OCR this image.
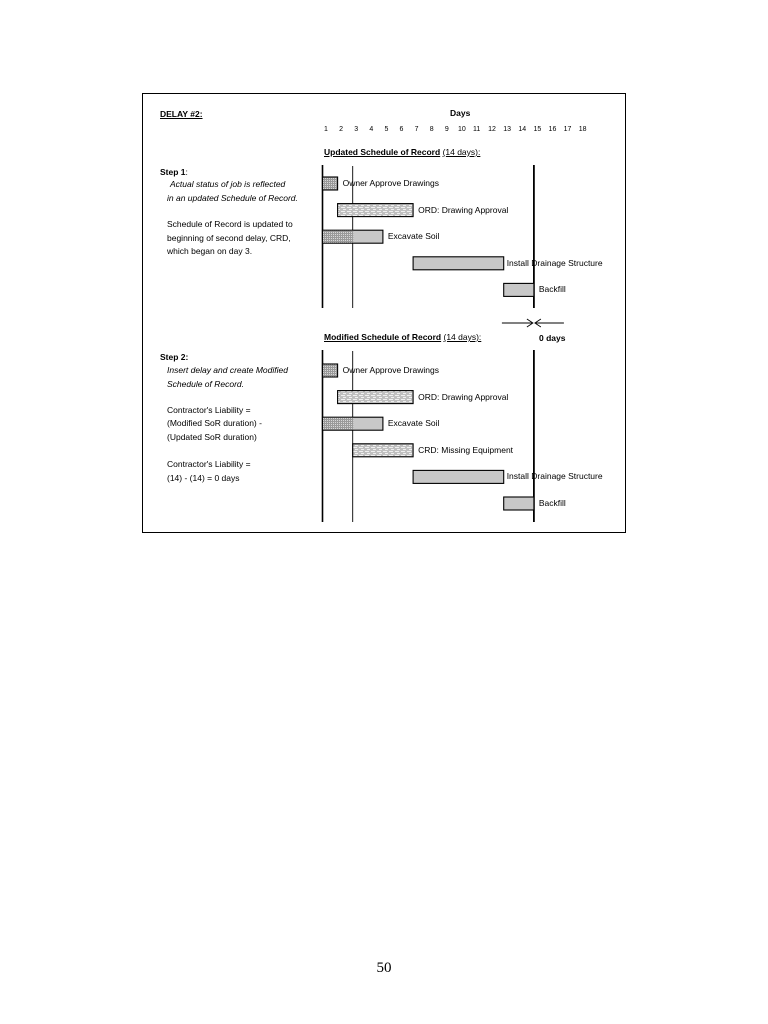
DELAY #2:	Days
Updated Schedule of Record (14 days):
Modified Schedule of Record (14 days):	0 days
Step 1:
Actual status of job is reflected
in an updated Schedule of Record.
Schedule of Record is updated to
beginning of second delay, CRD,
which began on day 3.
Step 2:
Insert delay and create Modified
Schedule of Record.
Contractor's Liability =
(Modified SoR duration) -
(Updated SoR duration)
Contractor's Liability =
(14) - (14) = 0 days
Owner Approve Drawings
ORD: Drawing Approval
Excavate Soil
Install Drainage Structure
Backfill
Owner Approve Drawings
ORD: Drawing Approval
Excavate Soil
CRD: Missing Equipment
Install Drainage Structure
Backfill
1 2 3 4 5 6 7 8 9 10 11 12 13 14 15 16 17 18
50
